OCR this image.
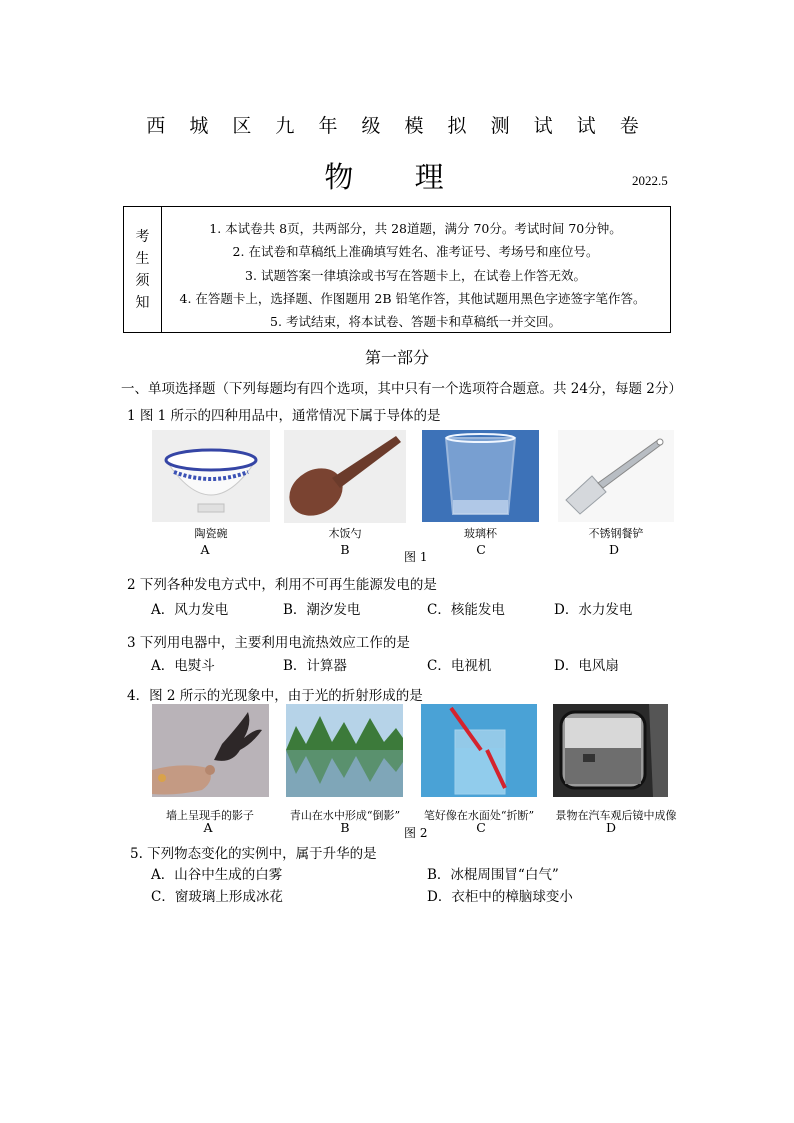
西 城 区 九 年 级 模 拟 测 试 试 卷
物 理	2022.5
考
生
须
知
1. 本试卷共 8页，共两部分，共 28道题，满分 70分。考试时间 70分钟。
2. 在试卷和草稿纸上准确填写姓名、准考证号、考场号和座位号。
3. 试题答案一律填涂或书写在答题卡上，在试卷上作答无效。
4. 在答题卡上，选择题、作图题用 2B 铅笔作答，其他试题用黑色字迹签字笔作答。
5. 考试结束，将本试卷、答题卡和草稿纸一并交回。
第一部分
一、单项选择题（下列每题均有四个选项，其中只有一个选项符合题意。共 24分，每题 2分）
1 图 1 所示的四种用品中，通常情况下属于导体的是
陶瓷碗	木饭勺	玻璃杯	不锈钢餐铲
A	B	C	D
图 1
2 下列各种发电方式中，利用不可再生能源发电的是
A．风力发电	B．潮汐发电	C．核能发电	D．水力发电
3 下列用电器中，主要利用电流热效应工作的是
A．电熨斗	B．计算器	C．电视机	D．电风扇
4．图 2 所示的光现象中，由于光的折射形成的是
墙上呈现手的影子	青山在水中形成“倒影”	笔好像在水面处“折断”	景物在汽车观后镜中成像
A	B	C	D
图 2
5. 下列物态变化的实例中，属于升华的是
A．山谷中生成的白雾	B．冰棍周围冒“白气”
C．窗玻璃上形成冰花	D．衣柜中的樟脑球变小
